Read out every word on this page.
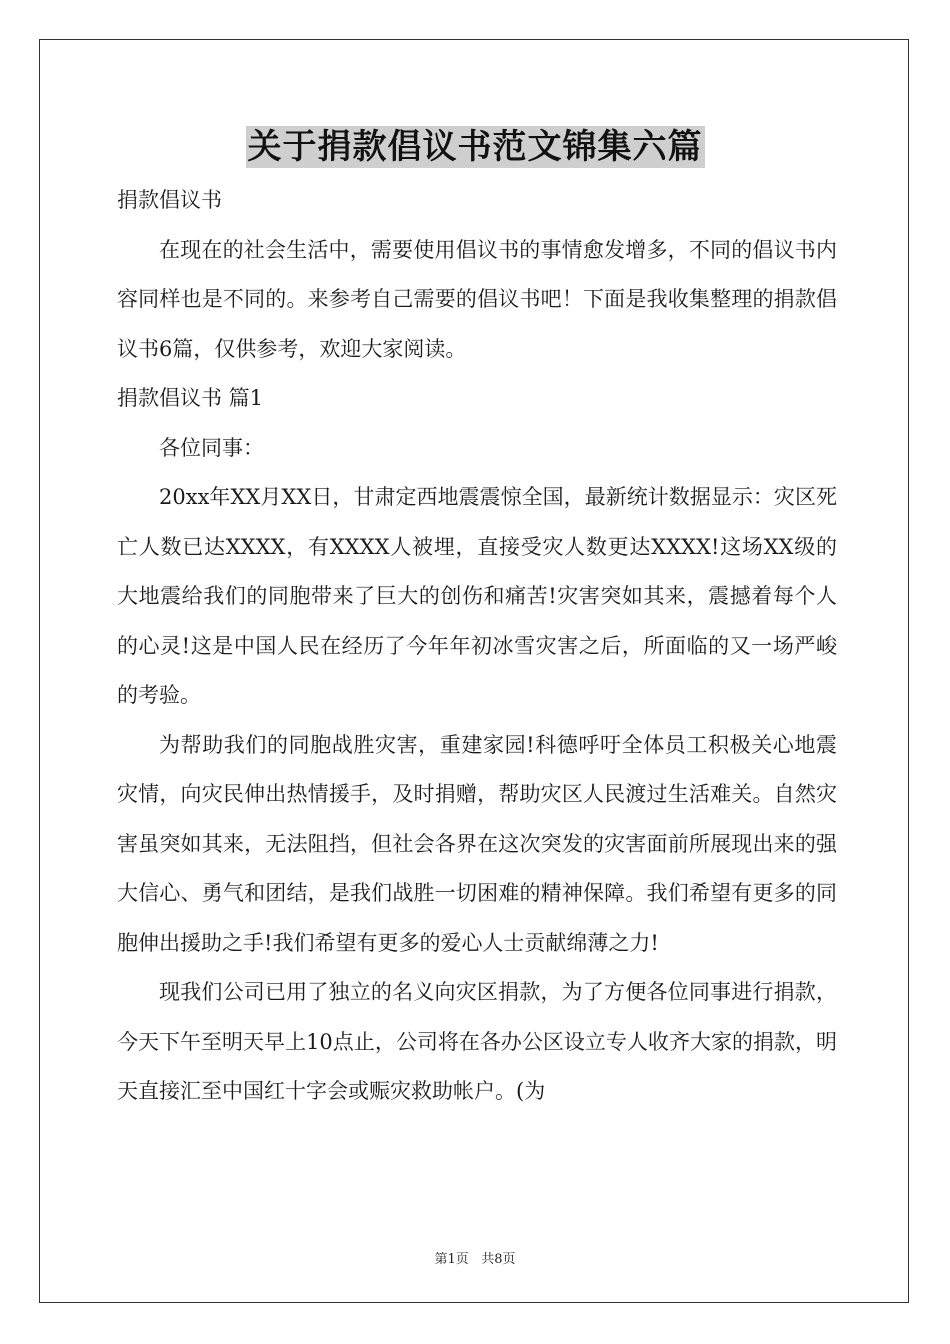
关于捐款倡议书范文锦集六篇

捐款倡议书

在现在的社会生活中，需要使用倡议书的事情愈发增多，不同的倡议书内容同样也是不同的。来参考自己需要的倡议书吧！下面是我收集整理的捐款倡议书6篇，仅供参考，欢迎大家阅读。

捐款倡议书 篇1

各位同事：

20xx年XX月XX日，甘肃定西地震震惊全国，最新统计数据显示：灾区死亡人数已达XXXX，有XXXX人被埋，直接受灾人数更达XXXX!这场XX级的大地震给我们的同胞带来了巨大的创伤和痛苦!灾害突如其来，震撼着每个人的心灵!这是中国人民在经历了今年年初冰雪灾害之后，所面临的又一场严峻的考验。

为帮助我们的同胞战胜灾害，重建家园!科德呼吁全体员工积极关心地震灾情，向灾民伸出热情援手，及时捐赠，帮助灾区人民渡过生活难关。自然灾害虽突如其来，无法阻挡，但社会各界在这次突发的灾害面前所展现出来的强大信心、勇气和团结，是我们战胜一切困难的精神保障。我们希望有更多的同胞伸出援助之手!我们希望有更多的爱心人士贡献绵薄之力!

现我们公司已用了独立的名义向灾区捐款，为了方便各位同事进行捐款，今天下午至明天早上10点止，公司将在各办公区设立专人收齐大家的捐款，明天直接汇至中国红十字会或赈灾救助帐户。(为

第1页 共8页
